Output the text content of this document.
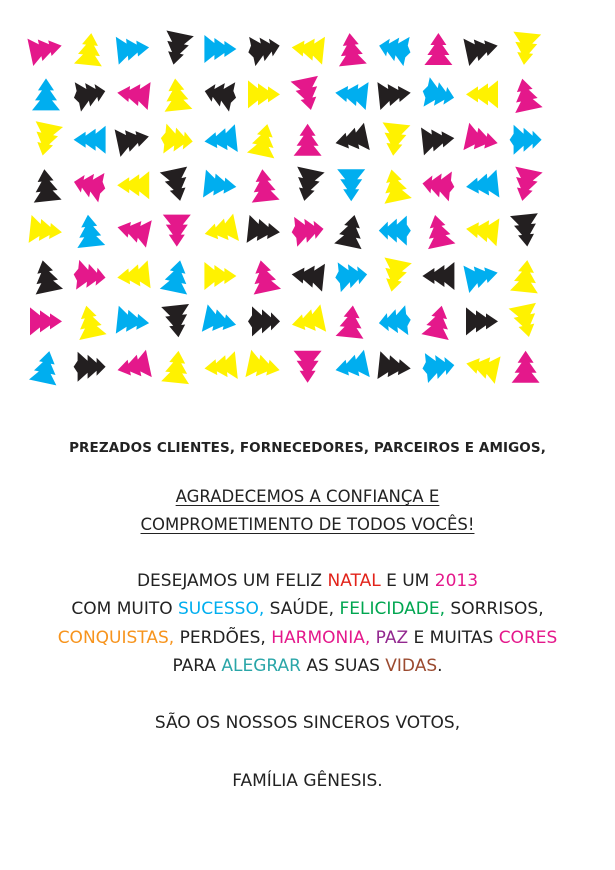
PREZADOS CLIENTES, FORNECEDORES, PARCEIROS E AMIGOS,
AGRADECEMOS A CONFIANÇA E
COMPROMETIMENTO DE TODOS VOCÊS!
DESEJAMOS UM FELIZ NATAL E UM 2013
COM MUITO SUCESSO, SAÚDE, FELICIDADE, SORRISOS,
CONQUISTAS, PERDÕES, HARMONIA, PAZ E MUITAS CORES
PARA ALEGRAR AS SUAS VIDAS.
SÃO OS NOSSOS SINCEROS VOTOS,
FAMÍLIA GÊNESIS.
